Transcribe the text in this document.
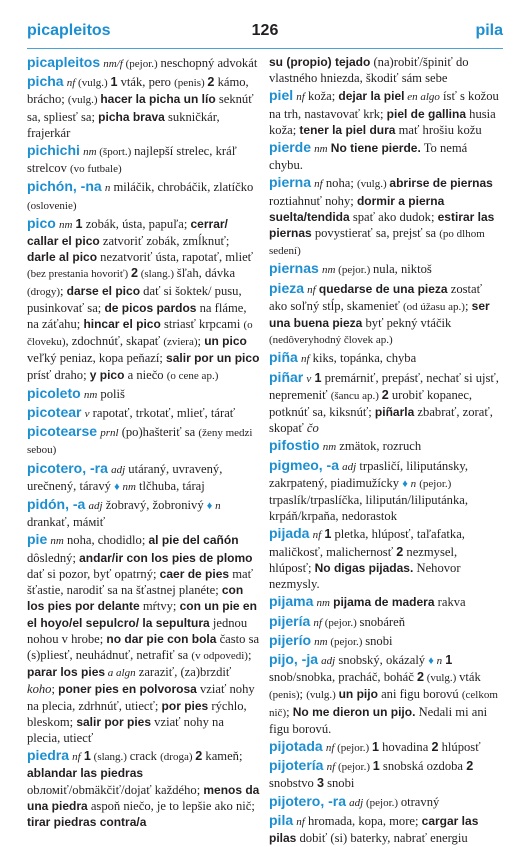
picapleitos	126	pila
picapleitos nm/f (pejor.) neschopný advokát
picha nf (vulg.) 1 vták, pero (penis) 2 kámo, brácho; (vulg.) hacer la picha un lío seknúť sa, spliesť sa; picha brava sukničkár, frajerkár
pichichi nm (šport.) najlepší strelec, kráľ strelcov (vo futbale)
pichón, -na n miláčik, chrobáčik, zlatíčko (oslovenie)
pico nm 1 zobák, ústa, papuľa; cerrar/ callar el pico zatvoriť zobák, zmĺknuť; darle al pico nezatvoriť ústa, rapotať, mlieť (bez prestania hovoriť) 2 (slang.) šľah, dávka (drogy); darse el pico dať si šoktek/ pusu, pusinkovať sa; de picos pardos na fláme, na záťahu; hincar el pico striasť krpcami (o človeku), zdochnúť, skapať (zviera); un pico veľký peniaz, kopa peňazí; salir por un pico prísť draho; y pico a niečo (o cene ap.)
picoleto nm poliš
picotear v rapotať, trkotať, mlieť, tárať
picotearse prnl (po)hašteriť sa (ženy medzi sebou)
picotero, -ra adj utáraný, uvravený, urečnený, táravý ♦ nm tlčhuba, táraj
pidón, -a adj žobravý, žobronivý ♦ n drankať, máміť
pie nm noha, chodidlo; al pie del cañón dôsledný; andar/ir con los pies de plomo dať si pozor, byť opatrný; caer de pies mať šťastie, narodiť sa na šťastnej planéte; con los pies por delante mŕtvy; con un pie en el hoyo/el sepulcro/ la sepultura jednou nohou v hrobe; no dar pie con bola často sa (s)pliesť, neuhádnuť, netrafiť sa (v odpovedi); parar los pies a algn zaraziť, (za)brzdiť koho; poner pies en polvorosa vziať nohy na plecia, zdrhnúť, utiecť; por pies rýchlo, bleskom; salir por pies vziať nohy na plecia, utiecť
piedra nf 1 (slang.) crack (droga) 2 kameň; ablandar las piedras obломiť/obmäkčiť/dojať každého; menos da una piedra aspoň niečo, je to lepšie ako nič; tirar piedras contra/a
su (propio) tejado (na)robiť/špiniť do vlastného hniezda, škodiť sám sebe
piel nf koža; dejar la piel en algo ísť s kožou na trh, nastavovať krk; piel de gallina husia koža; tener la piel dura mať hrošiu kožu
pierde nm No tiene pierde. To nemá chybu.
pierna nf noha; (vulg.) abrirse de piernas roztiahnuť nohy; dormir a pierna suelta/tendida spať ako dudok; estirar las piernas povystierať sa, prejsť sa (po dlhom sedení)
piernas nm (pejor.) nula, niktoš
pieza nf quedarse de una pieza zostať ako soľný stĺp, skamenieť (od úžasu ap.); ser una buena pieza byť pekný vtáčik (nedôveryhodný človek ap.)
piña nf kiks, topánka, chyba
piñar v 1 premárniť, prepásť, nechať si ujsť, nepremeniť (šancu ap.) 2 urobiť kopanec, potknúť sa, kiksnúť; piñarla zbabrať, zorať, skopať čo
pifostio nm zmätok, rozruch
pigmeo, -a adj trpasličí, liliputánsky, zakrpatený, piadimužícky ♦ n (pejor.) trpaslík/trpaslíčka, lilipután/liliputánka, krpáň/krpaňa, nedorastok
pijada nf 1 pletka, hlúposť, taľafatka, maličkosť, malichernosť 2 nezmysel, hlúposť; No digas pijadas. Nehovor nezmysly.
pijama nm pijama de madera rakva
pijería nf (pejor.) snobáreň
pijerío nm (pejor.) snobi
pijo, -ja adj snobský, okázalý ♦ n 1 snob/snobka, pracháč, boháč 2 (vulg.) vták (penis); (vulg.) un pijo ani figu borovú (celkom nič); No me dieron un pijo. Nedali mi ani figu borovú.
pijotada nf (pejor.) 1 hovadina 2 hlúposť
pijotería nf (pejor.) 1 snobská ozdoba 2 snobstvo 3 snobi
pijotero, -ra adj (pejor.) otravný
pila nf hromada, kopa, more; cargar las pilas dobiť (si) baterky, nabrať energiu
